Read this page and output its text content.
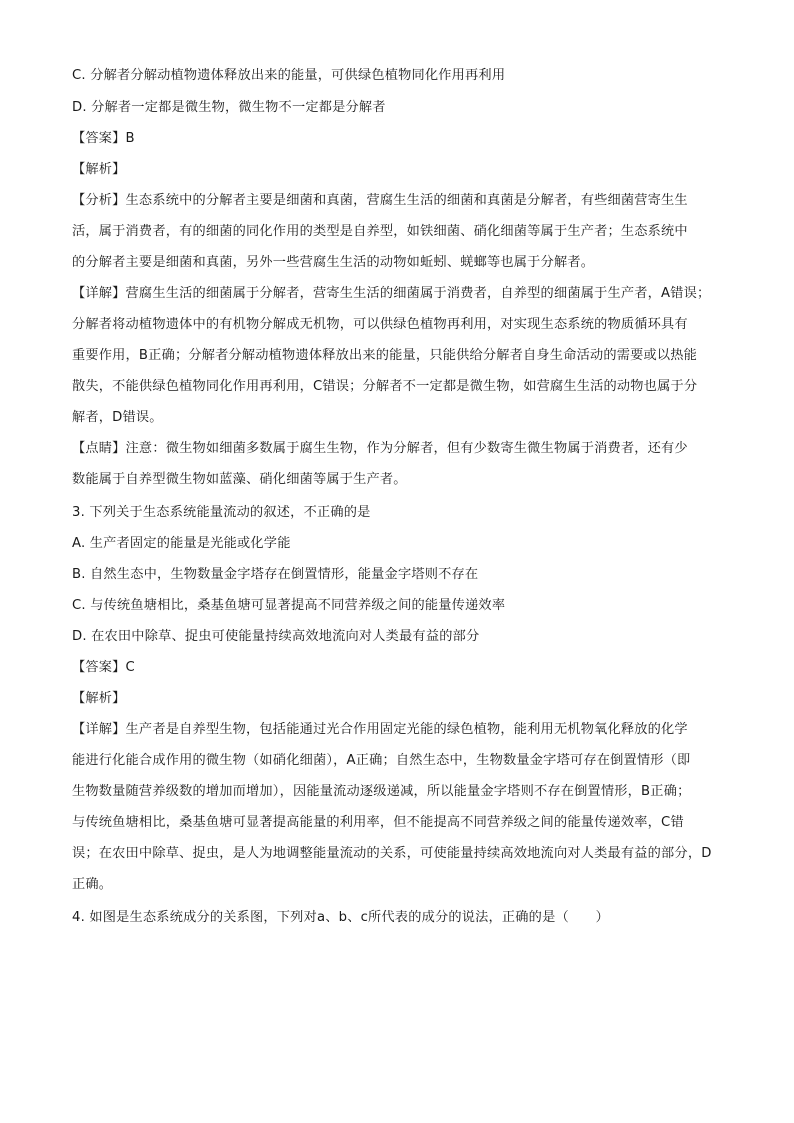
C. 分解者分解动植物遗体释放出来的能量，可供绿色植物同化作用再利用
D. 分解者一定都是微生物，微生物不一定都是分解者
【答案】B
【解析】
【分析】生态系统中的分解者主要是细菌和真菌，营腐生生活的细菌和真菌是分解者，有些细菌营寄生生
活，属于消费者，有的细菌的同化作用的类型是自养型，如铁细菌、硝化细菌等属于生产者；生态系统中
的分解者主要是细菌和真菌，另外一些营腐生生活的动物如蚯蚓、蜣螂等也属于分解者。
【详解】营腐生生活的细菌属于分解者，营寄生生活的细菌属于消费者，自养型的细菌属于生产者，A错误；
分解者将动植物遗体中的有机物分解成无机物，可以供绿色植物再利用，对实现生态系统的物质循环具有
重要作用，B正确；分解者分解动植物遗体释放出来的能量，只能供给分解者自身生命活动的需要或以热能
散失，不能供绿色植物同化作用再利用，C错误；分解者不一定都是微生物，如营腐生生活的动物也属于分
解者，D错误。
【点睛】注意：微生物如细菌多数属于腐生生物，作为分解者，但有少数寄生微生物属于消费者，还有少
数能属于自养型微生物如蓝藻、硝化细菌等属于生产者。
3. 下列关于生态系统能量流动的叙述，不正确的是
A. 生产者固定的能量是光能或化学能
B. 自然生态中，生物数量金字塔存在倒置情形，能量金字塔则不存在
C. 与传统鱼塘相比，桑基鱼塘可显著提高不同营养级之间的能量传递效率
D. 在农田中除草、捉虫可使能量持续高效地流向对人类最有益的部分
【答案】C
【解析】
【详解】生产者是自养型生物，包括能通过光合作用固定光能的绿色植物，能利用无机物氧化释放的化学
能进行化能合成作用的微生物（如硝化细菌），A正确；自然生态中，生物数量金字塔可存在倒置情形（即
生物数量随营养级数的增加而增加），因能量流动逐级递减，所以能量金字塔则不存在倒置情形，B正确；
与传统鱼塘相比，桑基鱼塘可显著提高能量的利用率，但不能提高不同营养级之间的能量传递效率，C错
误；在农田中除草、捉虫，是人为地调整能量流动的关系，可使能量持续高效地流向对人类最有益的部分，D
正确。
4. 如图是生态系统成分的关系图，下列对a、b、c所代表的成分的说法，正确的是（　　）
